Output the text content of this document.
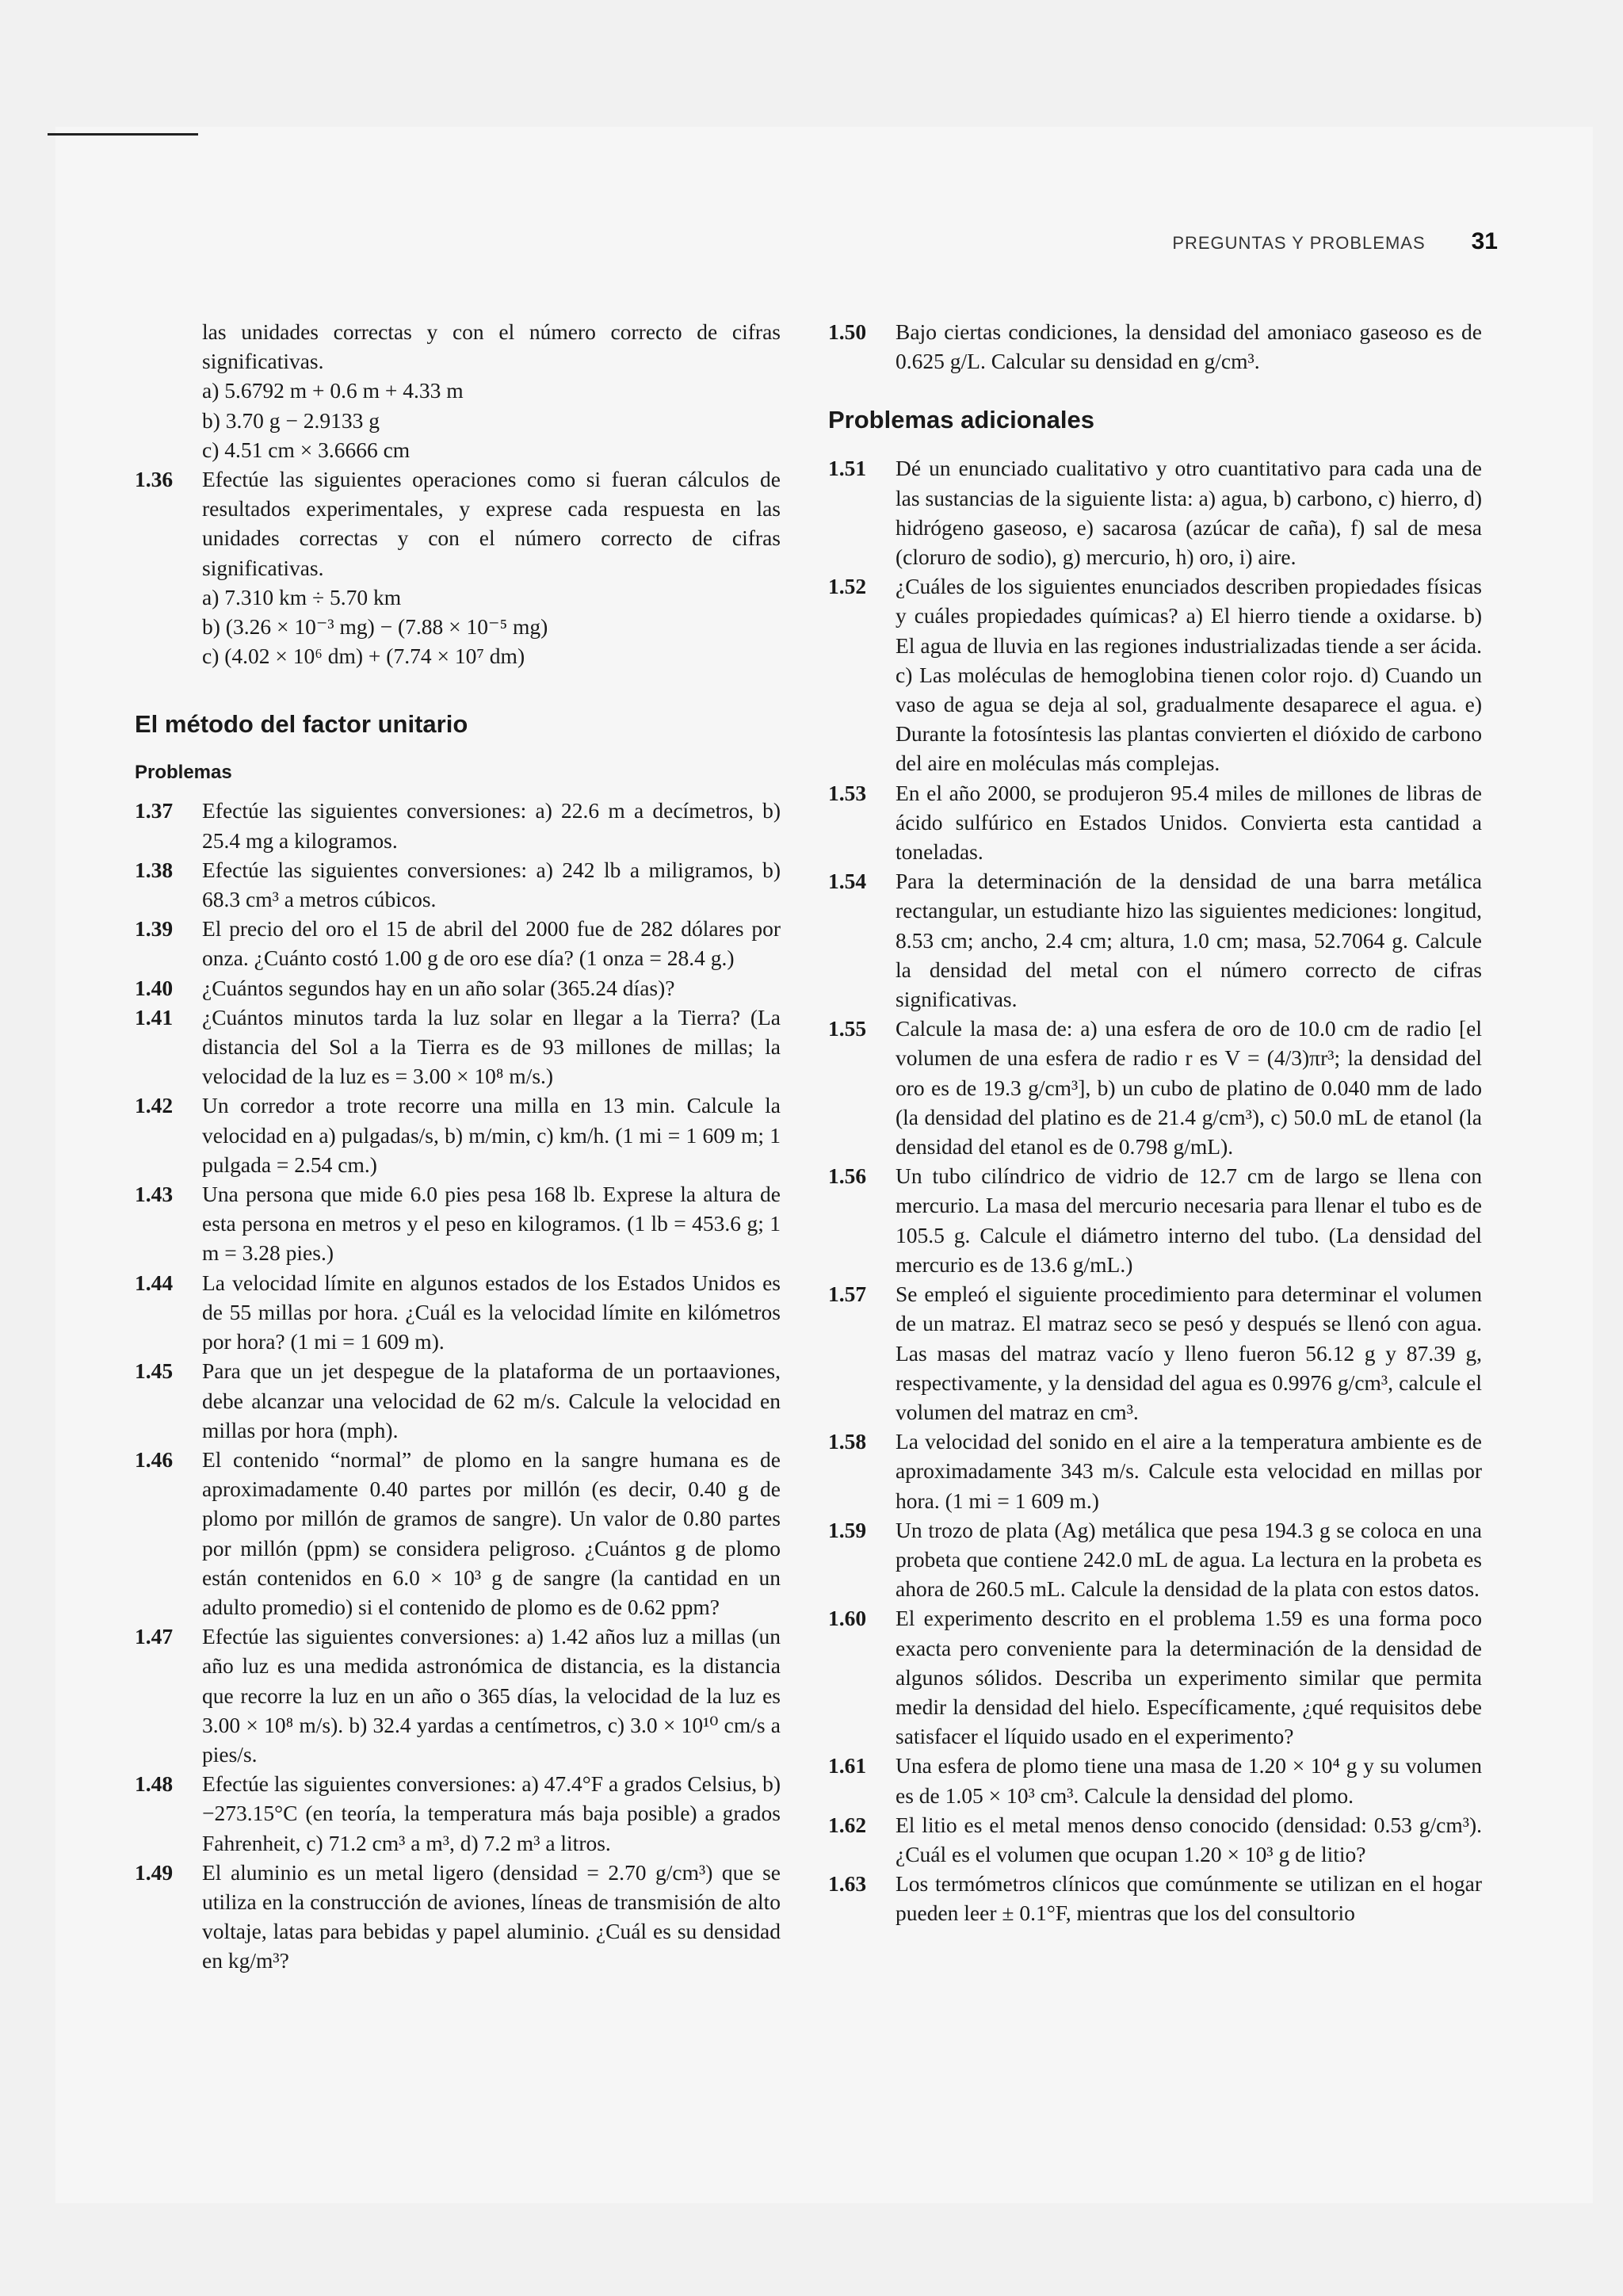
PREGUNTAS Y PROBLEMAS 31
las unidades correctas y con el número correcto de cifras significativas.
a) 5.6792 m + 0.6 m + 4.33 m
b) 3.70 g − 2.9133 g
c) 4.51 cm × 3.6666 cm
1.36	Efectúe las siguientes operaciones como si fueran cálculos de resultados experimentales, y exprese cada respuesta en las unidades correctas y con el número correcto de cifras significativas.
a) 7.310 km ÷ 5.70 km
b) (3.26 × 10⁻³ mg) − (7.88 × 10⁻⁵ mg)
c) (4.02 × 10⁶ dm) + (7.74 × 10⁷ dm)
El método del factor unitario
Problemas
1.37	Efectúe las siguientes conversiones: a) 22.6 m a decímetros, b) 25.4 mg a kilogramos.
1.38	Efectúe las siguientes conversiones: a) 242 lb a miligramos, b) 68.3 cm³ a metros cúbicos.
1.39	El precio del oro el 15 de abril del 2000 fue de 282 dólares por onza. ¿Cuánto costó 1.00 g de oro ese día? (1 onza = 28.4 g.)
1.40	¿Cuántos segundos hay en un año solar (365.24 días)?
1.41	¿Cuántos minutos tarda la luz solar en llegar a la Tierra? (La distancia del Sol a la Tierra es de 93 millones de millas; la velocidad de la luz es = 3.00 × 10⁸ m/s.)
1.42	Un corredor a trote recorre una milla en 13 min. Calcule la velocidad en a) pulgadas/s, b) m/min, c) km/h. (1 mi = 1 609 m; 1 pulgada = 2.54 cm.)
1.43	Una persona que mide 6.0 pies pesa 168 lb. Exprese la altura de esta persona en metros y el peso en kilogramos. (1 lb = 453.6 g; 1 m = 3.28 pies.)
1.44	La velocidad límite en algunos estados de los Estados Unidos es de 55 millas por hora. ¿Cuál es la velocidad límite en kilómetros por hora? (1 mi = 1 609 m).
1.45	Para que un jet despegue de la plataforma de un portaaviones, debe alcanzar una velocidad de 62 m/s. Calcule la velocidad en millas por hora (mph).
1.46	El contenido “normal” de plomo en la sangre humana es de aproximadamente 0.40 partes por millón (es decir, 0.40 g de plomo por millón de gramos de sangre). Un valor de 0.80 partes por millón (ppm) se considera peligroso. ¿Cuántos g de plomo están contenidos en 6.0 × 10³ g de sangre (la cantidad en un adulto promedio) si el contenido de plomo es de 0.62 ppm?
1.47	Efectúe las siguientes conversiones: a) 1.42 años luz a millas (un año luz es una medida astronómica de distancia, es la distancia que recorre la luz en un año o 365 días, la velocidad de la luz es 3.00 × 10⁸ m/s). b) 32.4 yardas a centímetros, c) 3.0 × 10¹⁰ cm/s a pies/s.
1.48	Efectúe las siguientes conversiones: a) 47.4°F a grados Celsius, b) −273.15°C (en teoría, la temperatura más baja posible) a grados Fahrenheit, c) 71.2 cm³ a m³, d) 7.2 m³ a litros.
1.49	El aluminio es un metal ligero (densidad = 2.70 g/cm³) que se utiliza en la construcción de aviones, líneas de transmisión de alto voltaje, latas para bebidas y papel aluminio. ¿Cuál es su densidad en kg/m³?
1.50	Bajo ciertas condiciones, la densidad del amoniaco gaseoso es de 0.625 g/L. Calcular su densidad en g/cm³.
Problemas adicionales
1.51	Dé un enunciado cualitativo y otro cuantitativo para cada una de las sustancias de la siguiente lista: a) agua, b) carbono, c) hierro, d) hidrógeno gaseoso, e) sacarosa (azúcar de caña), f) sal de mesa (cloruro de sodio), g) mercurio, h) oro, i) aire.
1.52	¿Cuáles de los siguientes enunciados describen propiedades físicas y cuáles propiedades químicas? a) El hierro tiende a oxidarse. b) El agua de lluvia en las regiones industrializadas tiende a ser ácida. c) Las moléculas de hemoglobina tienen color rojo. d) Cuando un vaso de agua se deja al sol, gradualmente desaparece el agua. e) Durante la fotosíntesis las plantas convierten el dióxido de carbono del aire en moléculas más complejas.
1.53	En el año 2000, se produjeron 95.4 miles de millones de libras de ácido sulfúrico en Estados Unidos. Convierta esta cantidad a toneladas.
1.54	Para la determinación de la densidad de una barra metálica rectangular, un estudiante hizo las siguientes mediciones: longitud, 8.53 cm; ancho, 2.4 cm; altura, 1.0 cm; masa, 52.7064 g. Calcule la densidad del metal con el número correcto de cifras significativas.
1.55	Calcule la masa de: a) una esfera de oro de 10.0 cm de radio [el volumen de una esfera de radio r es V = (4/3)πr³; la densidad del oro es de 19.3 g/cm³], b) un cubo de platino de 0.040 mm de lado (la densidad del platino es de 21.4 g/cm³), c) 50.0 mL de etanol (la densidad del etanol es de 0.798 g/mL).
1.56	Un tubo cilíndrico de vidrio de 12.7 cm de largo se llena con mercurio. La masa del mercurio necesaria para llenar el tubo es de 105.5 g. Calcule el diámetro interno del tubo. (La densidad del mercurio es de 13.6 g/mL.)
1.57	Se empleó el siguiente procedimiento para determinar el volumen de un matraz. El matraz seco se pesó y después se llenó con agua. Las masas del matraz vacío y lleno fueron 56.12 g y 87.39 g, respectivamente, y la densidad del agua es 0.9976 g/cm³, calcule el volumen del matraz en cm³.
1.58	La velocidad del sonido en el aire a la temperatura ambiente es de aproximadamente 343 m/s. Calcule esta velocidad en millas por hora. (1 mi = 1 609 m.)
1.59	Un trozo de plata (Ag) metálica que pesa 194.3 g se coloca en una probeta que contiene 242.0 mL de agua. La lectura en la probeta es ahora de 260.5 mL. Calcule la densidad de la plata con estos datos.
1.60	El experimento descrito en el problema 1.59 es una forma poco exacta pero conveniente para la determinación de la densidad de algunos sólidos. Describa un experimento similar que permita medir la densidad del hielo. Específicamente, ¿qué requisitos debe satisfacer el líquido usado en el experimento?
1.61	Una esfera de plomo tiene una masa de 1.20 × 10⁴ g y su volumen es de 1.05 × 10³ cm³. Calcule la densidad del plomo.
1.62	El litio es el metal menos denso conocido (densidad: 0.53 g/cm³). ¿Cuál es el volumen que ocupan 1.20 × 10³ g de litio?
1.63	Los termómetros clínicos que comúnmente se utilizan en el hogar pueden leer ± 0.1°F, mientras que los del consultorio
